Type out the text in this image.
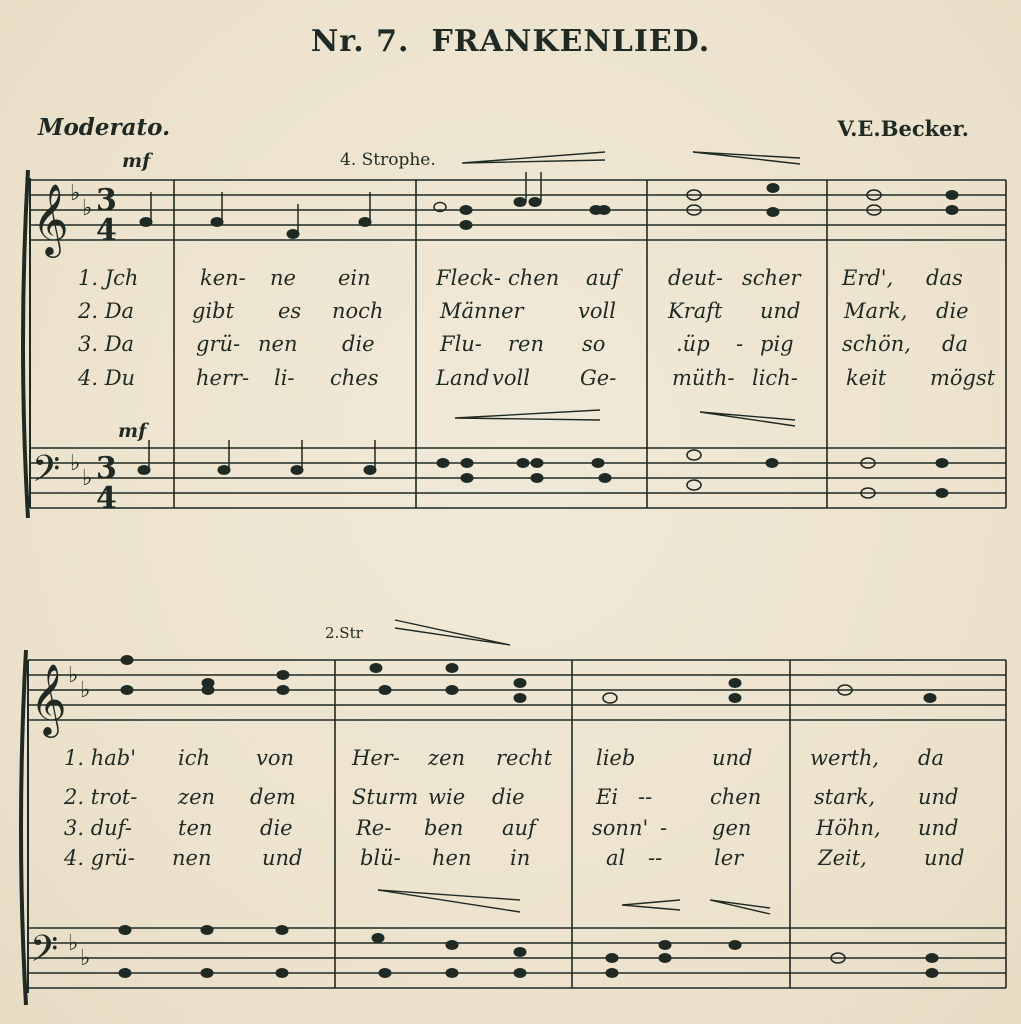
Nr. 7. FRANKENLIED.
Moderato.	V.E.Becker.
𝄞
𝄢
𝄞
𝄢
♭
♭
♭
♭
♭
♭
♭
♭
3
4
3
4
mf	4. Strophe.
mf
2.Str
1. Jch	ken- ne ein	Fleck- chen auf deut- scher Erd', das
2. Da	gibt es noch	Männer	voll Kraft und Mark, die
3. Da	grü- nen die	Flu- ren so	.üp - pig schön, da
4. Du	herr- li- ches	Land voll Ge-	müth- lich- keit mögst
1. hab' ich von	Her- zen recht lieb	und	werth, da
2. trot- zen dem	Sturm wie die	Ei --	chen	stark, und
3. duf- ten die	Re- ben auf	sonn' - gen	Höhn, und
4. grü- nen und	blü- hen in	al -- ler	Zeit,	und
